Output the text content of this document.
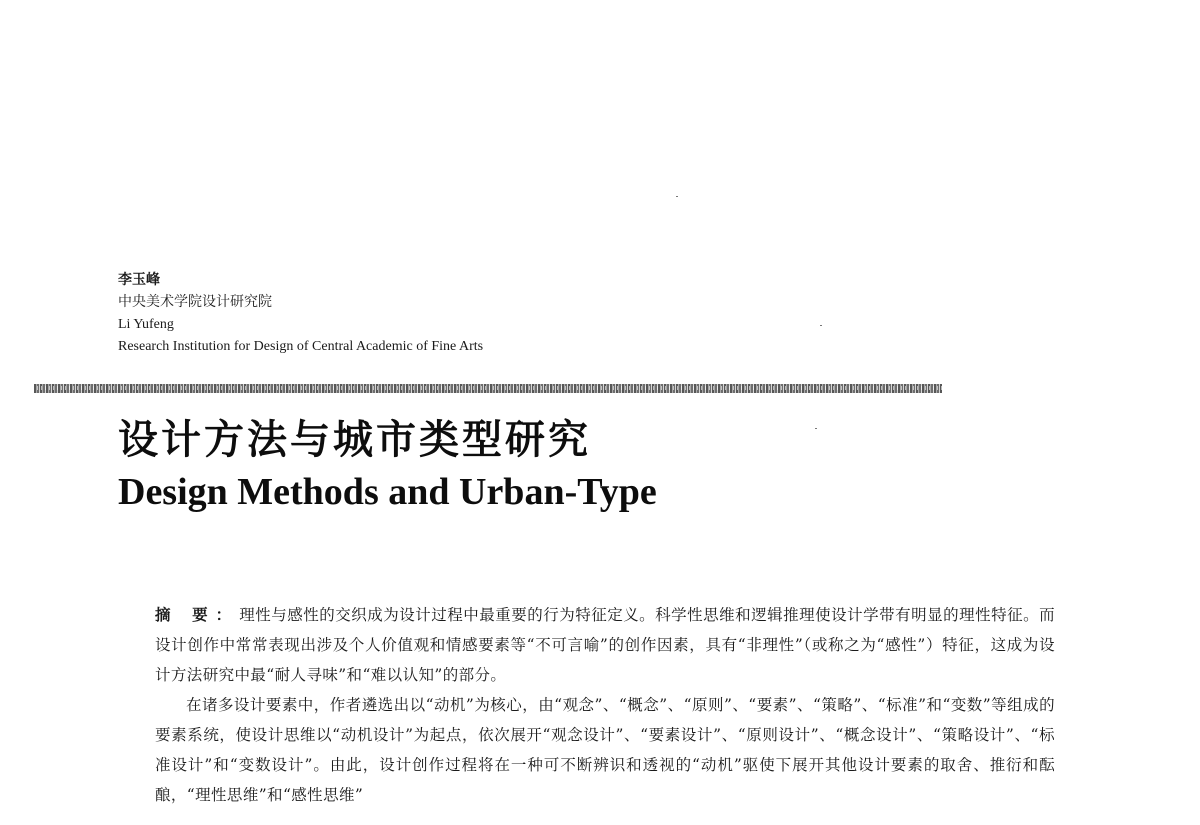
李玉峰
中央美术学院设计研究院
Li Yufeng
Research Institution for Design of Central Academic of Fine Arts
设计方法与城市类型研究
Design Methods and Urban-Type

摘 要：理性与感性的交织成为设计过程中最重要的行为特征定义。科学性思维和逻辑推理使设计学带有明显的理性特征。而设计创作中常常表现出涉及个人价值观和情感要素等“不可言喻”的创作因素，具有“非理性”（或称之为“感性”）特征，这成为设计方法研究中最“耐人寻味”和“难以认知”的部分。

在诸多设计要素中，作者遴选出以“动机”为核心，由“观念”、“概念”、“原则”、“要素”、“策略”、“标准”和“变数”等组成的要素系统，使设计思维以“动机设计”为起点，依次展开“观念设计”、“要素设计”、“原则设计”、“概念设计”、“策略设计”、“标准设计”和“变数设计”。由此，设计创作过程将在一种可不断辨识和透视的“动机”驱使下展开其他设计要素的取舍、推衍和酝酿，“理性思维”和“感性思维”
